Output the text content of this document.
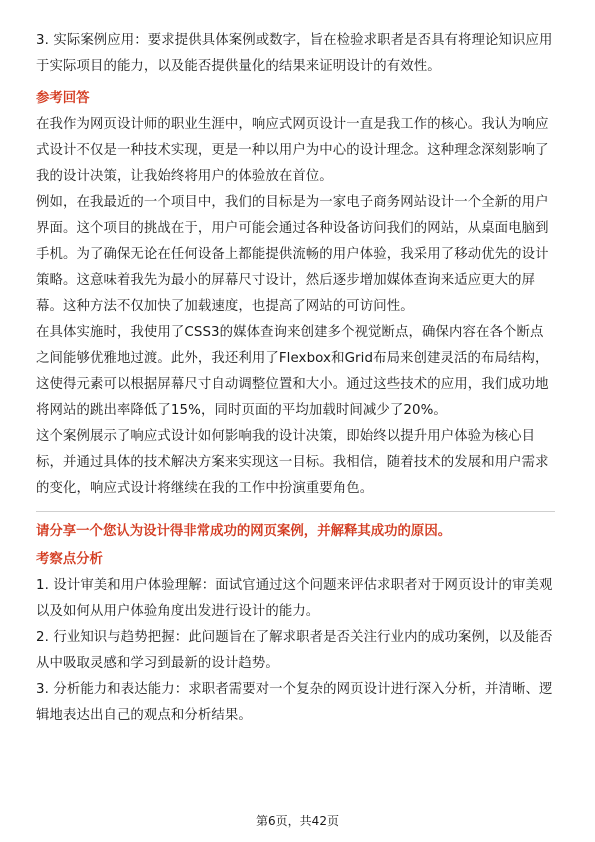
3. 实际案例应用：要求提供具体案例或数字，旨在检验求职者是否具有将理论知识应用于实际项目的能力，以及能否提供量化的结果来证明设计的有效性。

参考回答

在我作为网页设计师的职业生涯中，响应式网页设计一直是我工作的核心。我认为响应式设计不仅是一种技术实现，更是一种以用户为中心的设计理念。这种理念深刻影响了我的设计决策，让我始终将用户的体验放在首位。

例如，在我最近的一个项目中，我们的目标是为一家电子商务网站设计一个全新的用户界面。这个项目的挑战在于，用户可能会通过各种设备访问我们的网站，从桌面电脑到手机。为了确保无论在任何设备上都能提供流畅的用户体验，我采用了移动优先的设计策略。这意味着我先为最小的屏幕尺寸设计，然后逐步增加媒体查询来适应更大的屏幕。这种方法不仅加快了加载速度，也提高了网站的可访问性。

在具体实施时，我使用了CSS3的媒体查询来创建多个视觉断点，确保内容在各个断点之间能够优雅地过渡。此外，我还利用了Flexbox和Grid布局来创建灵活的布局结构，这使得元素可以根据屏幕尺寸自动调整位置和大小。通过这些技术的应用，我们成功地将网站的跳出率降低了15%，同时页面的平均加载时间减少了20%。

这个案例展示了响应式设计如何影响我的设计决策，即始终以提升用户体验为核心目标，并通过具体的技术解决方案来实现这一目标。我相信，随着技术的发展和用户需求的变化，响应式设计将继续在我的工作中扮演重要角色。

请分享一个您认为设计得非常成功的网页案例，并解释其成功的原因。
考察点分析

1. 设计审美和用户体验理解：面试官通过这个问题来评估求职者对于网页设计的审美观以及如何从用户体验角度出发进行设计的能力。

2. 行业知识与趋势把握：此问题旨在了解求职者是否关注行业内的成功案例，以及能否从中吸取灵感和学习到最新的设计趋势。

3. 分析能力和表达能力：求职者需要对一个复杂的网页设计进行深入分析，并清晰、逻辑地表达出自己的观点和分析结果。

第6页，共42页
